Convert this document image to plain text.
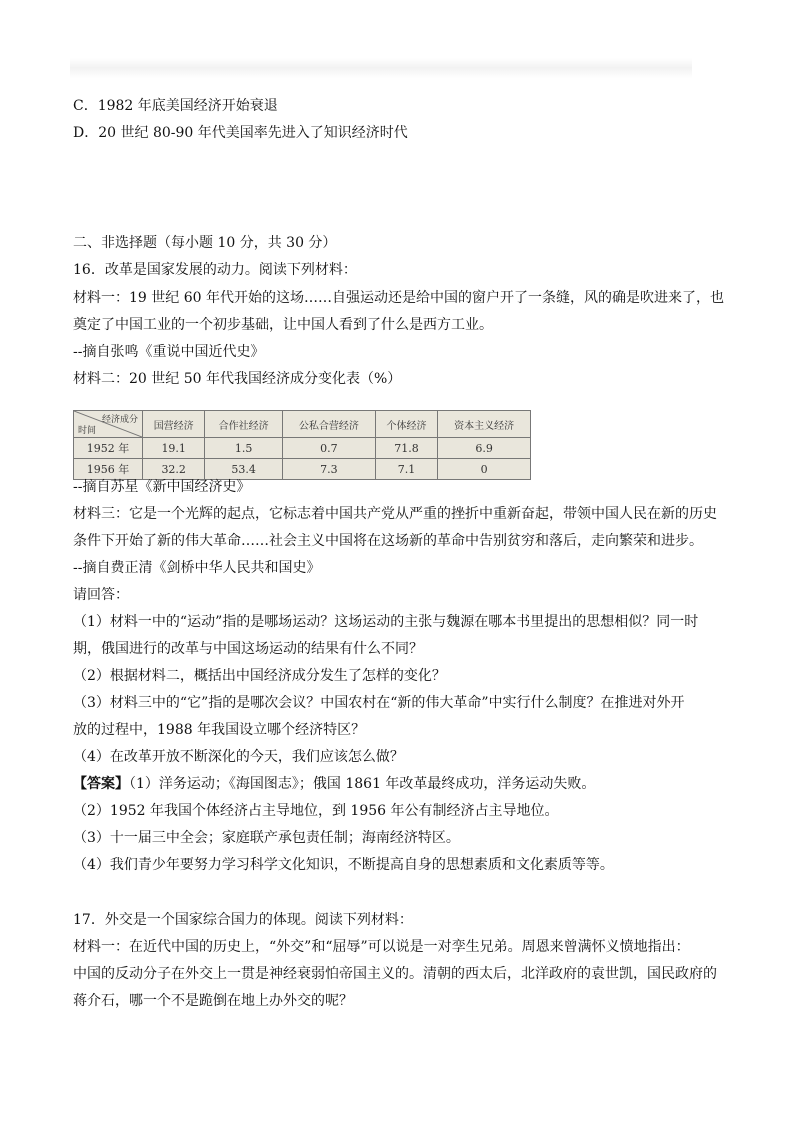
C．1982 年底美国经济开始衰退
D．20 世纪 80-90 年代美国率先进入了知识经济时代
二、非选择题（每小题 10 分，共 30 分）
16．改革是国家发展的动力。阅读下列材料：
材料一：19 世纪 60 年代开始的这场……自强运动还是给中国的窗户开了一条缝，风的确是吹进来了，也
奠定了中国工业的一个初步基础，让中国人看到了什么是西方工业。
--摘自张鸣《重说中国近代史》
材料二：20 世纪 50 年代我国经济成分变化表（%）
经济成分
时间	国营经济	合作社经济	公私合营经济	个体经济	资本主义经济
1952 年	19.1	1.5	0.7	71.8	6.9
1956 年	32.2	53.4	7.3	7.1	0
--摘自苏星《新中国经济史》
材料三：它是一个光辉的起点，它标志着中国共产党从严重的挫折中重新奋起，带领中国人民在新的历史
条件下开始了新的伟大革命……社会主义中国将在这场新的革命中告别贫穷和落后，走向繁荣和进步。
--摘自费正清《剑桥中华人民共和国史》
请回答：
（1）材料一中的“运动”指的是哪场运动？这场运动的主张与魏源在哪本书里提出的思想相似？同一时
期，俄国进行的改革与中国这场运动的结果有什么不同？
（2）根据材料二，概括出中国经济成分发生了怎样的变化？
（3）材料三中的“它”指的是哪次会议？中国农村在“新的伟大革命”中实行什么制度？在推进对外开
放的过程中，1988 年我国设立哪个经济特区？
（4）在改革开放不断深化的今天，我们应该怎么做？
【答案】（1）洋务运动；《海国图志》；俄国 1861 年改革最终成功，洋务运动失败。
（2）1952 年我国个体经济占主导地位，到 1956 年公有制经济占主导地位。
（3）十一届三中全会；家庭联产承包责任制；海南经济特区。
（4）我们青少年要努力学习科学文化知识，不断提高自身的思想素质和文化素质等等。
17．外交是一个国家综合国力的体现。阅读下列材料：
材料一：在近代中国的历史上，“外交”和“屈辱”可以说是一对孪生兄弟。周恩来曾满怀义愤地指出：
中国的反动分子在外交上一贯是神经衰弱怕帝国主义的。清朝的西太后，北洋政府的袁世凯，国民政府的
蒋介石，哪一个不是跪倒在地上办外交的呢？
